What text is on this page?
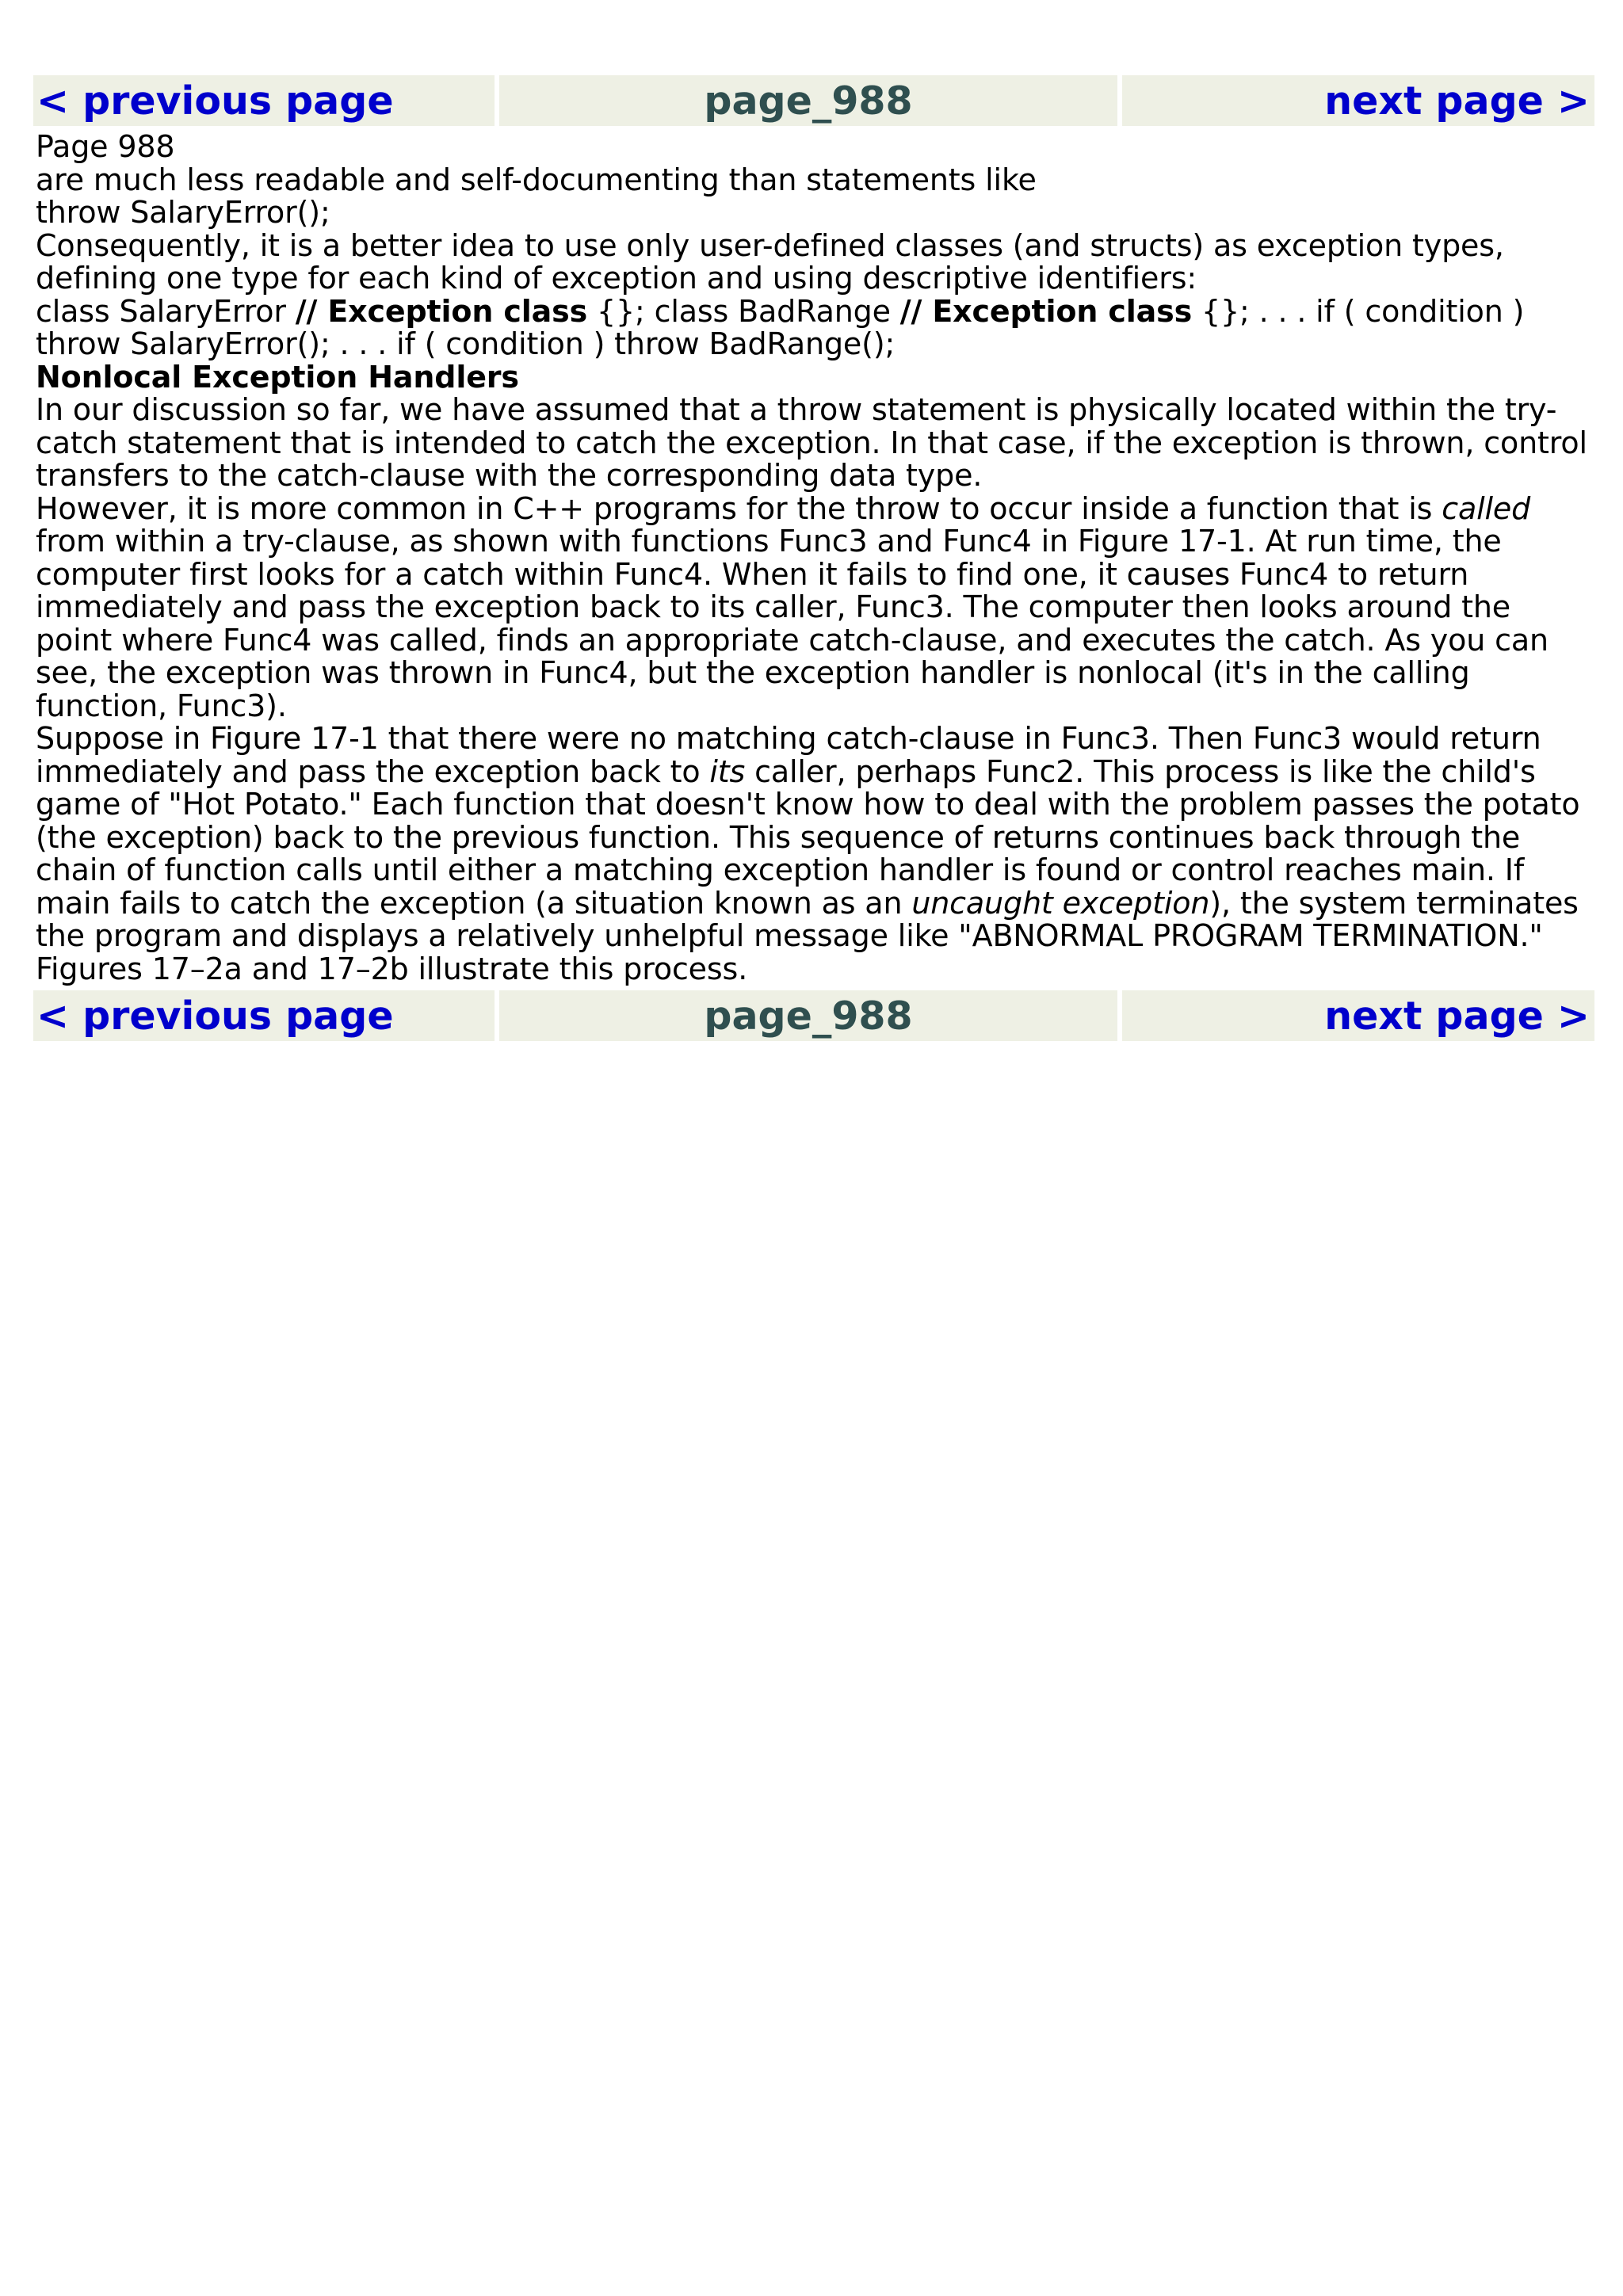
< previous page	page_988	next page >

Page 988

are much less readable and self-documenting than statements like

throw SalaryError();

Consequently, it is a better idea to use only user-defined classes (and structs) as exception types, defining one type for each kind of exception and using descriptive identifiers:

class SalaryError // Exception class {}; class BadRange // Exception class {}; . . . if ( condition ) throw SalaryError(); . . . if ( condition ) throw BadRange();

Nonlocal Exception Handlers

In our discussion so far, we have assumed that a throw statement is physically located within the try-catch statement that is intended to catch the exception. In that case, if the exception is thrown, control transfers to the catch-clause with the corresponding data type.

However, it is more common in C++ programs for the throw to occur inside a function that is called from within a try-clause, as shown with functions Func3 and Func4 in Figure 17-1. At run time, the computer first looks for a catch within Func4. When it fails to find one, it causes Func4 to return immediately and pass the exception back to its caller, Func3. The computer then looks around the point where Func4 was called, finds an appropriate catch-clause, and executes the catch. As you can see, the exception was thrown in Func4, but the exception handler is nonlocal (it's in the calling function, Func3).

Suppose in Figure 17-1 that there were no matching catch-clause in Func3. Then Func3 would return immediately and pass the exception back to its caller, perhaps Func2. This process is like the child's game of "Hot Potato." Each function that doesn't know how to deal with the problem passes the potato (the exception) back to the previous function. This sequence of returns continues back through the chain of function calls until either a matching exception handler is found or control reaches main. If main fails to catch the exception (a situation known as an uncaught exception), the system terminates the program and displays a relatively unhelpful message like "ABNORMAL PROGRAM TERMINATION." Figures 17–2a and 17–2b illustrate this process.

< previous page	page_988	next page >
